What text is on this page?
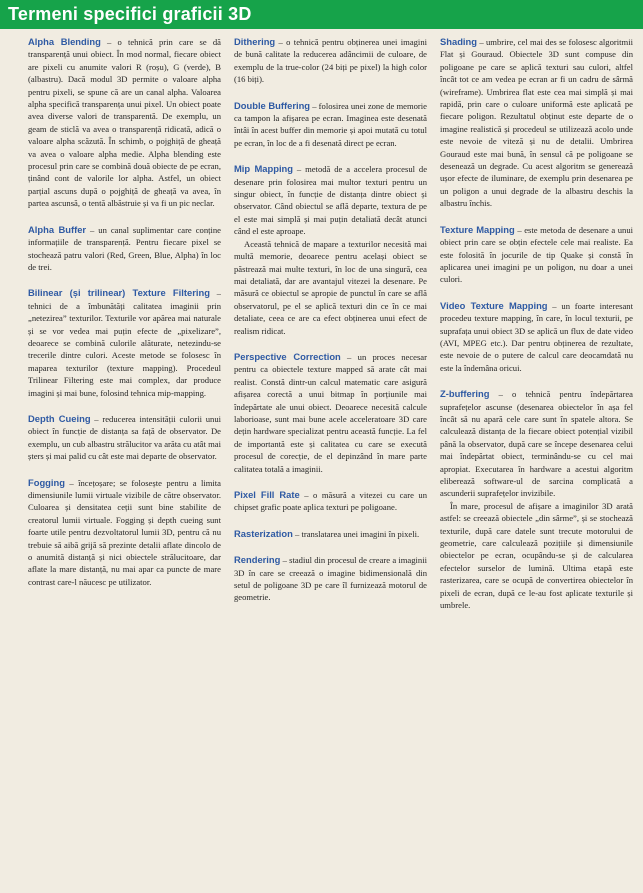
Termeni specifici graficii 3D

Alpha Blending – o tehnică prin care se dă transparență unui obiect. În mod normal, fiecare obiect are pixeli cu anumite valori R (roșu), G (verde), B (albastru). Dacă modul 3D permite o valoare alpha pentru pixeli, se spune că are un canal alpha. Valoarea alpha specifică transparența unui pixel. Un obiect poate avea diverse valori de transparentă. De exemplu, un geam de sticlă va avea o transparență ridicată, adică o valoare alpha scăzută. În schimb, o pojghiță de gheață va avea o valoare alpha medie. Alpha blending este procesul prin care se combină două obiecte de pe ecran, ținând cont de valorile lor alpha. Astfel, un obiect parțial ascuns după o pojghiță de gheață va avea, în partea ascunsă, o tentă albăstruie și va fi un pic neclar.

Alpha Buffer – un canal suplimentar care conține informațiile de transparență. Pentru fiecare pixel se stochează patru valori (Red, Green, Blue, Alpha) în loc de trei.

Bilinear (și trilinear) Texture Filtering – tehnici de a îmbunătăți calitatea imaginii prin „netezirea” texturilor. Texturile vor apărea mai naturale și se vor vedea mai puțin efecte de „pixelizare”, deoarece se combină culorile alăturate, netezindu-se trecerile dintre culori. Aceste metode se folosesc în maparea texturilor (texture mapping). Procedeul Trilinear Filtering este mai complex, dar produce imagini și mai bune, folosind tehnica mip-mapping.

Depth Cueing – reducerea intensității culorii unui obiect în funcție de distanța sa față de observator. De exemplu, un cub albastru strălucitor va arăta cu atât mai șters și mai palid cu cât este mai departe de observator.

Fogging – încețoșare; se folosește pentru a limita dimensiunile lumii virtuale vizibile de către observator. Culoarea și densitatea ceții sunt bine stabilite de creatorul lumii virtuale. Fogging și depth cueing sunt foarte utile pentru dezvoltatorul lumii 3D, pentru că nu trebuie să aibă grijă să prezinte detalii aflate dincolo de o anumită distanță și nici obiectele strălucitoare, dar aflate la mare distanță, nu mai apar ca puncte de mare contrast care-l năucesc pe utilizator.

Dithering – o tehnică pentru obținerea unei imagini de bună calitate la reducerea adâncimii de culoare, de exemplu de la true-color (24 biți pe pixel) la high color (16 biți).

Double Buffering – folosirea unei zone de memorie ca tampon la afișarea pe ecran. Imaginea este desenată întâi în acest buffer din memorie și apoi mutată cu totul pe ecran, în loc de a fi desenată direct pe ecran.

Mip Mapping – metodă de a accelera procesul de desenare prin folosirea mai multor texturi pentru un singur obiect, în funcție de distanța dintre obiect și observator. Când obiectul se află departe, textura de pe el este mai simplă și mai puțin detaliată decât atunci când el este aproape.

Această tehnică de mapare a texturilor necesită mai multă memorie, deoarece pentru același obiect se păstrează mai multe texturi, în loc de una singură, cea mai detaliată, dar are avantajul vitezei la desenare. Pe măsură ce obiectul se apropie de punctul în care se află observatorul, pe el se aplică texturi din ce în ce mai detaliate, ceea ce are ca efect obținerea unui efect de realism ridicat.

Perspective Correction – un proces necesar pentru ca obiectele texture mapped să arate cât mai realist. Constă dintr-un calcul matematic care asigură afișarea corectă a unui bitmap în porțiunile mai îndepărtate ale unui obiect. Deoarece necesită calcule laborioase, sunt mai bune acele acceleratoare 3D care dețin hardware specializat pentru această funcție. La fel de importantă este și calitatea cu care se execută procesul de corecție, de el depinzând în mare parte calitatea totală a imaginii.

Pixel Fill Rate – o măsură a vitezei cu care un chipset grafic poate aplica texturi pe poligoane.

Rasterization – translatarea unei imagini în pixeli.

Rendering – stadiul din procesul de creare a imaginii 3D în care se creează o imagine bidimensională din setul de poligoane 3D pe care îl furnizează motorul de geometrie.

Shading – umbrire, cel mai des se folosesc algoritmii Flat și Gouraud. Obiectele 3D sunt compuse din poligoane pe care se aplică texturi sau culori, altfel încât tot ce am vedea pe ecran ar fi un cadru de sârmă (wireframe). Umbrirea flat este cea mai simplă și mai rapidă, prin care o culoare uniformă este aplicată pe fiecare poligon. Rezultatul obținut este departe de o imagine realistică și procedeul se utilizează acolo unde este nevoie de viteză și nu de detalii. Umbrirea Gouraud este mai bună, în sensul că pe poligoane se desenează un degrade. Cu acest algoritm se generează ușor efecte de iluminare, de exemplu prin desenarea pe un poligon a unui degrade de la albastru deschis la albastru închis.

Texture Mapping – este metoda de desenare a unui obiect prin care se obțin efectele cele mai realiste. Ea este folosită în jocurile de tip Quake și constă în aplicarea unei imagini pe un poligon, nu doar a unei culori.

Video Texture Mapping – un foarte interesant procedeu texture mapping, în care, în locul texturii, pe suprafața unui obiect 3D se aplică un flux de date video (AVI, MPEG etc.). Dar pentru obținerea de rezultate, este nevoie de o putere de calcul care deocamdată nu este la îndemâna oricui.

Z-buffering – o tehnică pentru îndepărtarea suprafețelor ascunse (desenarea obiectelor în așa fel încât să nu apară cele care sunt în spatele altora. Se calculează distanța de la fiecare obiect potențial vizibil până la observator, după care se începe desenarea celui mai îndepărtat obiect, terminându-se cu cel mai apropiat. Executarea în hardware a acestui algoritm eliberează software-ul de sarcina complicată a ascunderii suprafețelor invizibile.

În mare, procesul de afișare a imaginilor 3D arată astfel: se creează obiectele „din sârme”, și se stochează texturile, după care datele sunt trecute motorului de geometrie, care calculează pozițiile și dimensiunile obiectelor pe ecran, ocupându-se și de calcularea efectelor surselor de lumină. Ultima etapă este rasterizarea, care se ocupă de convertirea obiectelor în pixeli de ecran, după ce le-au fost aplicate texturile și umbrele.
